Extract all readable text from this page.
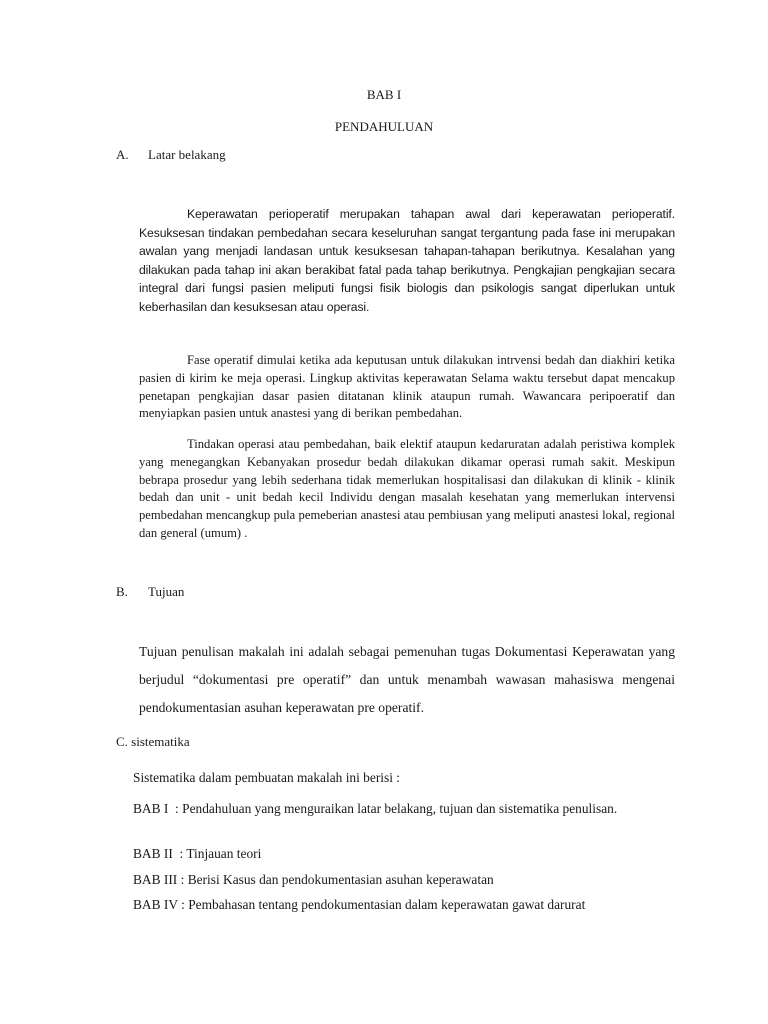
BAB I
PENDAHULUAN
A. Latar belakang

Keperawatan perioperatif merupakan tahapan awal dari keperawatan perioperatif. Kesuksesan tindakan pembedahan secara keseluruhan sangat tergantung pada fase ini merupakan awalan yang menjadi landasan untuk kesuksesan tahapan-tahapan berikutnya. Kesalahan yang dilakukan pada tahap ini akan berakibat fatal pada tahap berikutnya. Pengkajian pengkajian secara integral dari fungsi pasien meliputi fungsi fisik biologis dan psikologis sangat diperlukan untuk keberhasilan dan kesuksesan atau operasi.

Fase operatif dimulai ketika ada keputusan untuk dilakukan intrvensi bedah dan diakhiri ketika pasien di kirim ke meja operasi. Lingkup aktivitas keperawatan Selama waktu tersebut dapat mencakup penetapan pengkajian dasar pasien ditatanan klinik ataupun rumah. Wawancara peripoeratif dan menyiapkan pasien untuk anastesi yang di berikan pembedahan.

Tindakan operasi atau pembedahan, baik elektif ataupun kedaruratan adalah peristiwa komplek yang menegangkan Kebanyakan prosedur bedah dilakukan dikamar operasi rumah sakit. Meskipun bebrapa prosedur yang lebih sederhana tidak memerlukan hospitalisasi dan dilakukan di klinik - klinik bedah dan unit - unit bedah kecil Individu dengan masalah kesehatan yang memerlukan intervensi pembedahan mencangkup pula pemeberian anastesi atau pembiusan yang meliputi anastesi lokal, regional dan general (umum) .

B. Tujuan

Tujuan penulisan makalah ini adalah sebagai pemenuhan tugas Dokumentasi Keperawatan yang berjudul “dokumentasi pre operatif” dan untuk menambah wawasan mahasiswa mengenai pendokumentasian asuhan keperawatan pre operatif.

C. sistematika
Sistematika dalam pembuatan makalah ini berisi :

BAB I  : Pendahuluan yang menguraikan latar belakang, tujuan dan sistematika penulisan.

BAB II  : Tinjauan teori
BAB III : Berisi Kasus dan pendokumentasian asuhan keperawatan
BAB IV : Pembahasan tentang pendokumentasian dalam keperawatan gawat darurat
